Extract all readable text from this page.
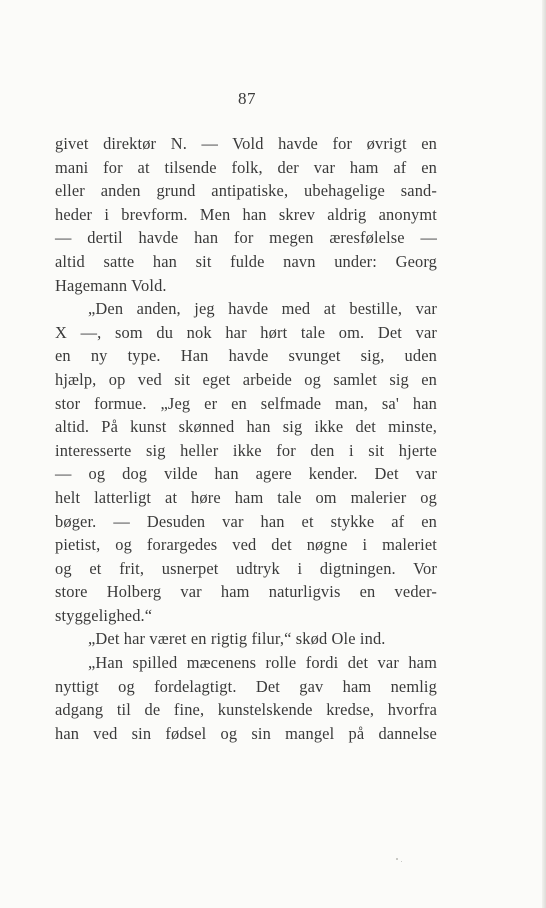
87
givet direktør N. — Vold havde for øvrigt en
mani for at tilsende folk, der var ham af en
eller anden grund antipatiske, ubehagelige sand-
heder i brevform. Men han skrev aldrig anonymt
— dertil havde han for megen æresfølelse —
altid satte han sit fulde navn under: Georg
Hagemann Vold.
„Den anden, jeg havde med at bestille, var
X —, som du nok har hørt tale om. Det var
en ny type. Han havde svunget sig, uden
hjælp, op ved sit eget arbeide og samlet sig en
stor formue. „Jeg er en selfmade man, sa' han
altid. På kunst skønned han sig ikke det minste,
interesserte sig heller ikke for den i sit hjerte
— og dog vilde han agere kender. Det var
helt latterligt at høre ham tale om malerier og
bøger. — Desuden var han et stykke af en
pietist, og forargedes ved det nøgne i maleriet
og et frit, usnerpet udtryk i digtningen. Vor
store Holberg var ham naturligvis en veder-
styggelighed.“
„Det har været en rigtig filur,“ skød Ole ind.
„Han spilled mæcenens rolle fordi det var ham
nyttigt og fordelagtigt. Det gav ham nemlig
adgang til de fine, kunstelskende kredse, hvorfra
han ved sin fødsel og sin mangel på dannelse
